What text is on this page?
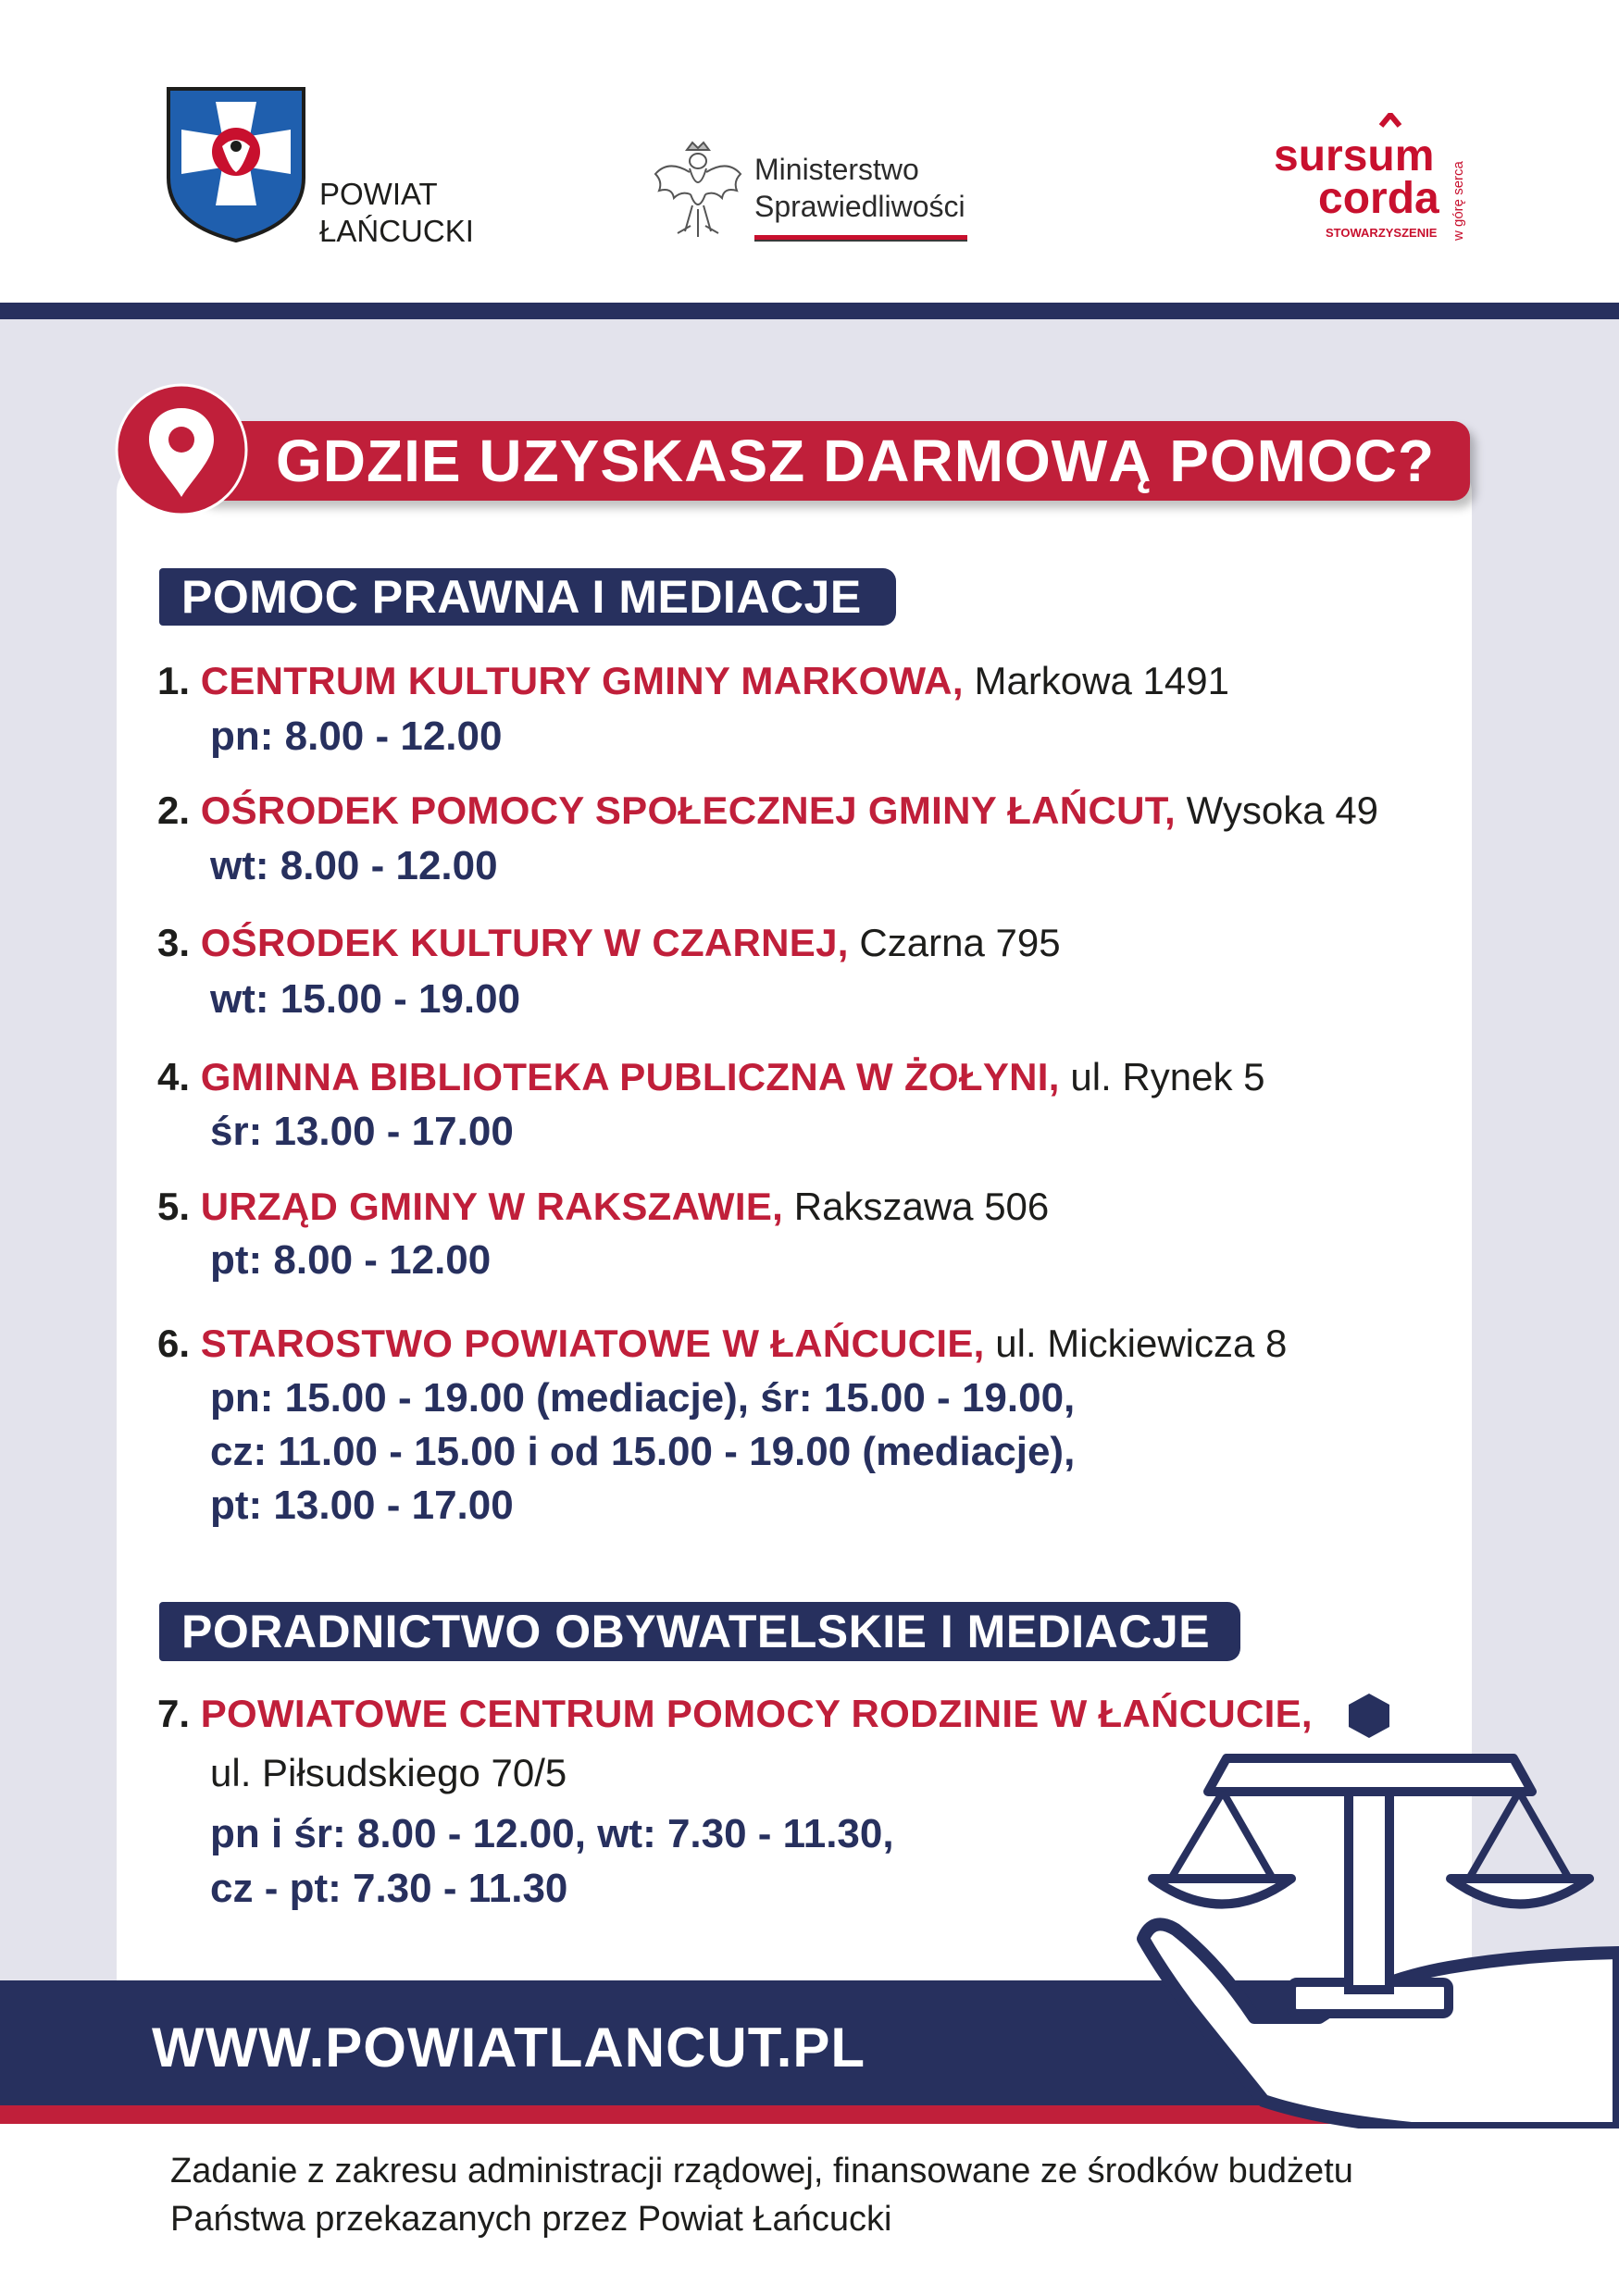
POWIAT
ŁAŃCUCKI
Ministerstwo
Sprawiedliwości
sursum
corda
STOWARZYSZENIE w górę serca
GDZIE UZYSKASZ DARMOWĄ POMOC?
POMOC PRAWNA I MEDIACJE
1. CENTRUM KULTURY GMINY MARKOWA, Markowa 1491
pn: 8.00 - 12.00
2. OŚRODEK POMOCY SPOŁECZNEJ GMINY ŁAŃCUT, Wysoka 49
wt: 8.00 - 12.00
3. OŚRODEK KULTURY W CZARNEJ, Czarna 795
wt: 15.00 - 19.00
4. GMINNA BIBLIOTEKA PUBLICZNA W ŻOŁYNI, ul. Rynek 5
śr: 13.00 - 17.00
5. URZĄD GMINY W RAKSZAWIE, Rakszawa 506
pt: 8.00 - 12.00
6. STAROSTWO POWIATOWE W ŁAŃCUCIE, ul. Mickiewicza 8
pn: 15.00 - 19.00 (mediacje), śr: 15.00 - 19.00,
cz: 11.00 - 15.00 i od 15.00 - 19.00 (mediacje),
pt: 13.00 - 17.00
PORADNICTWO OBYWATELSKIE I MEDIACJE
7. POWIATOWE CENTRUM POMOCY RODZINIE W ŁAŃCUCIE,
ul. Piłsudskiego 70/5
pn i śr: 8.00 - 12.00, wt: 7.30 - 11.30,
cz - pt: 7.30 - 11.30
WWW.POWIATLANCUT.PL
Zadanie z zakresu administracji rządowej, finansowane ze środków budżetu
Państwa przekazanych przez Powiat Łańcucki
